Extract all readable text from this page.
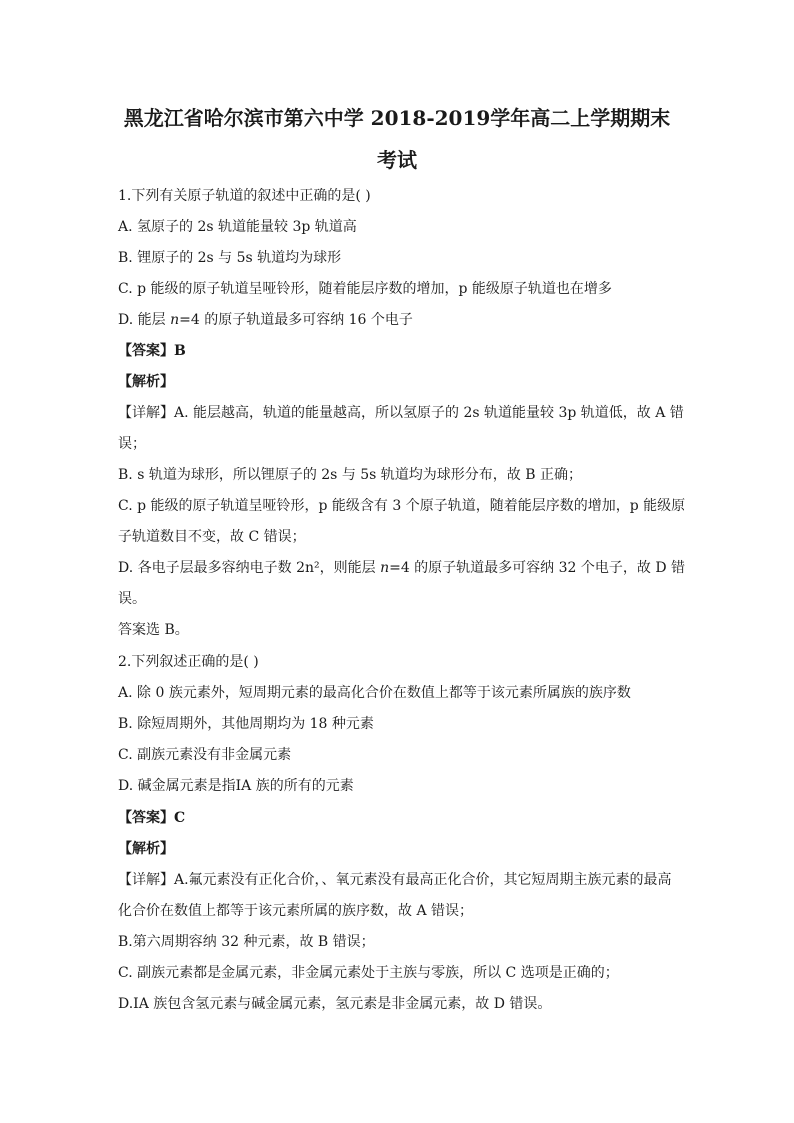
黑龙江省哈尔滨市第六中学 2018-2019学年高二上学期期末
考试
1.下列有关原子轨道的叙述中正确的是( )
A. 氢原子的 2s 轨道能量较 3p 轨道高
B. 锂原子的 2s 与 5s 轨道均为球形
C. p 能级的原子轨道呈哑铃形，随着能层序数的增加，p 能级原子轨道也在增多
D. 能层 n=4 的原子轨道最多可容纳 16 个电子
【答案】B
【解析】
【详解】A. 能层越高，轨道的能量越高，所以氢原子的 2s 轨道能量较 3p 轨道低，故 A 错
误；
B. s 轨道为球形，所以锂原子的 2s 与 5s 轨道均为球形分布，故 B 正确；
C. p 能级的原子轨道呈哑铃形，p 能级含有 3 个原子轨道，随着能层序数的增加，p 能级原
子轨道数目不变，故 C 错误；
D. 各电子层最多容纳电子数 2n²，则能层 n=4 的原子轨道最多可容纳 32 个电子，故 D 错
误。
答案选 B。
2.下列叙述正确的是( )
A. 除 0 族元素外，短周期元素的最高化合价在数值上都等于该元素所属族的族序数
B. 除短周期外，其他周期均为 18 种元素
C. 副族元素没有非金属元素
D. 碱金属元素是指ⅠA 族的所有的元素
【答案】C
【解析】
【详解】A.氟元素没有正化合价，、氧元素没有最高正化合价，其它短周期主族元素的最高
化合价在数值上都等于该元素所属的族序数，故 A 错误；
B.第六周期容纳 32 种元素，故 B 错误；
C. 副族元素都是金属元素，非金属元素处于主族与零族，所以 C 选项是正确的；
D.ⅠA 族包含氢元素与碱金属元素，氢元素是非金属元素，故 D 错误。
